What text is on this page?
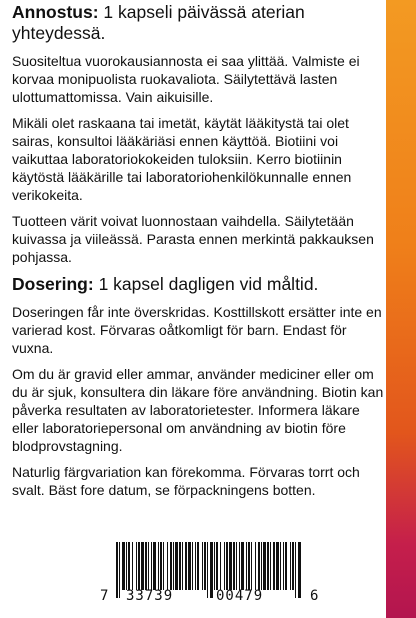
Annostus: 1 kapseli päivässä aterian yhteydessä.

Suositeltua vuorokausiannosta ei saa ylittää. Valmiste ei korvaa monipuolista ruokavaliota. Säilytettävä lasten ulottumattomissa. Vain aikuisille.

Mikäli olet raskaana tai imetät, käytät lääkitystä tai olet sairas, konsultoi lääkäriäsi ennen käyttöä. Biotiini voi vaikuttaa laboratoriokokeiden tuloksiin. Kerro biotiinin käytöstä lääkärille tai laboratoriohenkilökunnalle ennen verikokeita.

Tuotteen värit voivat luonnostaan vaihdella. Säilytetään kuivassa ja viileässä. Parasta ennen merkintä pakkauksen pohjassa.

Dosering: 1 kapsel dagligen vid måltid.

Doseringen får inte överskridas. Kosttillskott ersätter inte en varierad kost. Förvaras oåtkomligt för barn. Endast för vuxna.

Om du är gravid eller ammar, använder mediciner eller om du är sjuk, konsultera din läkare före användning. Biotin kan påverka resultaten av laboratorietester. Informera läkare eller laboratoriepersonal om användning av biotin före blodprovstagning.

Naturlig färgvariation kan förekomma. Förvaras torrt och svalt. Bäst fore datum, se förpackningens botten.

7 33739	00479	6
